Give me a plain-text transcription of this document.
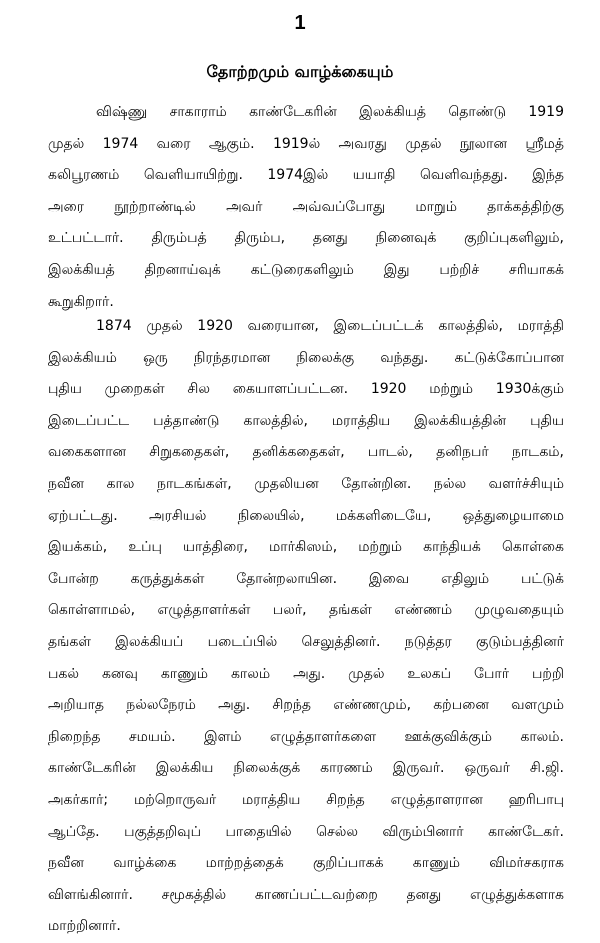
1
தோற்றமும் வாழ்க்கையும்
விஷ்ணு சாகாராம் காண்டேகரின் இலக்கியத் தொண்டு 1919
முதல் 1974 வரை ஆகும். 1919ல் அவரது முதல் நூலான ஸ்ரீமத்
கலிபூரணம் வெளியாயிற்று. 1974இல் யயாதி வெளிவந்தது. இந்த
அரை நூற்றாண்டில் அவர் அவ்வப்போது மாறும் தாக்கத்திற்கு
உட்பட்டார். திரும்பத் திரும்ப, தனது நினைவுக் குறிப்புகளிலும்,
இலக்கியத் திறனாய்வுக் கட்டுரைகளிலும் இது பற்றிச் சரியாகக்
கூறுகிறார்.
1874 முதல் 1920 வரையான, இடைப்பட்டக் காலத்தில், மராத்தி
இலக்கியம் ஒரு நிரந்தரமான நிலைக்கு வந்தது. கட்டுக்கோப்பான
புதிய முறைகள் சில கையாளப்பட்டன. 1920 மற்றும் 1930க்கும்
இடைப்பட்ட பத்தாண்டு காலத்தில், மராத்திய இலக்கியத்தின் புதிய
வகைகளான சிறுகதைகள், தனிக்கதைகள், பாடல், தனிநபர் நாடகம்,
நவீன கால நாடகங்கள், முதலியன தோன்றின. நல்ல வளர்ச்சியும்
ஏற்பட்டது. அரசியல் நிலையில், மக்களிடையே, ஒத்துழையாமை
இயக்கம், உப்பு யாத்திரை, மார்கிஸம், மற்றும் காந்தியக் கொள்கை
போன்ற கருத்துக்கள் தோன்றலாயின. இவை எதிலும் பட்டுக்
கொள்ளாமல், எழுத்தாளர்கள் பலர், தங்கள் எண்ணம் முழுவதையும்
தங்கள் இலக்கியப் படைப்பில் செலுத்தினர். நடுத்தர குடும்பத்தினர்
பகல் கனவு காணும் காலம் அது. முதல் உலகப் போர் பற்றி
அறியாத நல்லநேரம் அது. சிறந்த எண்ணமும், கற்பனை வளமும்
நிறைந்த சமயம். இளம் எழுத்தாளர்களை ஊக்குவிக்கும் காலம்.
காண்டேகரின் இலக்கிய நிலைக்குக் காரணம் இருவர். ஒருவர் சி.ஜி.
அகர்கார்; மற்றொருவர் மராத்திய சிறந்த எழுத்தாளரான ஹரிபாபு
ஆப்தே. பகுத்தறிவுப் பாதையில் செல்ல விரும்பினார் காண்டேகர்.
நவீன வாழ்க்கை மாற்றத்தைக் குறிப்பாகக் காணும் விமர்சகராக
விளங்கினார். சமூகத்தில் காணப்பட்டவற்றை தனது எழுத்துக்களாக
மாற்றினார்.
